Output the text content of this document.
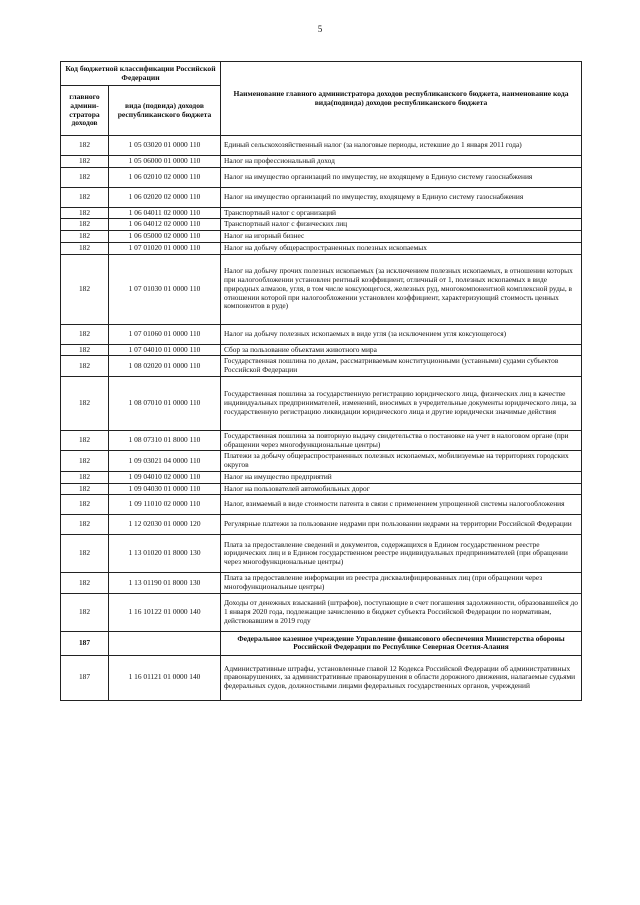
5
Код бюджетной классификации Российской Федерации		Наименование главного администратора доходов республиканского бюджета, наименование кода вида(подвида) доходов республиканского бюджета
главного админи-стратора доходов	вида (подвида) доходов республиканского бюджета	
182	1 05 03020 01 0000 110	Единый сельскохозяйственный налог (за налоговые периоды, истекшие до 1 января 2011 года)
182	1 05 06000 01 0000 110	Налог на профессиональный доход
182	1 06 02010 02 0000 110	Налог на имущество организаций по имуществу, не входящему в Единую систему газоснабжения
182	1 06 02020 02 0000 110	Налог на имущество организаций по имуществу, входящему в Единую систему газоснабжения
182	1 06 04011 02 0000 110	Транспортный налог с организаций
182	1 06 04012 02 0000 110	Транспортный налог с физических лиц
182	1 06 05000 02 0000 110	Налог на игорный бизнес
182	1 07 01020 01 0000 110	Налог на добычу общераспространенных полезных ископаемых
182	1 07 01030 01 0000 110	Налог на добычу прочих полезных ископаемых (за исключением полезных ископаемых, в отношении которых при налогообложении установлен рентный коэффициент, отличный от 1, полезных ископаемых в виде природных алмазов, угля, в том числе коксующегося, железных руд, многокомпонентной комплексной руды, в отношении которой при налогообложении установлен коэффициент, характеризующий стоимость ценных компонентов в руде)
182	1 07 01060 01 0000 110	Налог на добычу полезных ископаемых в виде угля (за исключением угля коксующегося)
182	1 07 04010 01 0000 110	Сбор за пользование объектами животного мира
182	1 08 02020 01 0000 110	Государственная пошлина по делам, рассматриваемым конституционными (уставными) судами субъектов Российской Федерации
182	1 08 07010 01 0000 110	Государственная пошлина за государственную регистрацию юридического лица, физических лиц в качестве индивидуальных предпринимателей, изменений, вносимых в учредительные документы юридического лица, за государственную регистрацию ликвидации юридического лица и другие юридически значимые действия
182	1 08 07310 01 8000 110	Государственная пошлина за повторную выдачу свидетельства о постановке на учет в налоговом органе (при обращении через многофункциональные центры)
182	1 09 03021 04 0000 110	Платежи за добычу общераспространенных полезных ископаемых, мобилизуемые на территориях городских округов
182	1 09 04010 02 0000 110	Налог на имущество предприятий
182	1 09 04030 01 0000 110	Налог на пользователей автомобильных дорог
182	1 09 11010 02 0000 110	Налог, взимаемый в виде стоимости патента в связи с применением упрощенной системы налогообложения
182	1 12 02030 01 0000 120	Регулярные платежи за пользование недрами при пользовании недрами на территории Российской Федерации
182	1 13 01020 01 8000 130	Плата за предоставление сведений и документов, содержащихся в Едином государственном реестре юридических лиц и в Едином государственном реестре индивидуальных предпринимателей (при обращении через многофункциональные центры)
182	1 13 01190 01 8000 130	Плата за предоставление информации из реестра дисквалифицированных лиц (при обращении через многофункциональные центры)
182	1 16 10122 01 0000 140	Доходы от денежных взысканий (штрафов), поступающие в счет погашения задолженности, образовавшейся до 1 января 2020 года, подлежащие зачислению в бюджет субъекта Российской Федерации по нормативам, действовавшим в 2019 году
187		Федеральное казенное учреждение Управление финансового обеспечения Министерства обороны Российской Федерации по Республике Северная Осетия-Алания
187	1 16 01121 01 0000 140	Административные штрафы, установленные главой 12 Кодекса Российской Федерации об административных правонарушениях, за административные правонарушения в области дорожного движения, налагаемые судьями федеральных судов, должностными лицами федеральных государственных органов, учреждений
